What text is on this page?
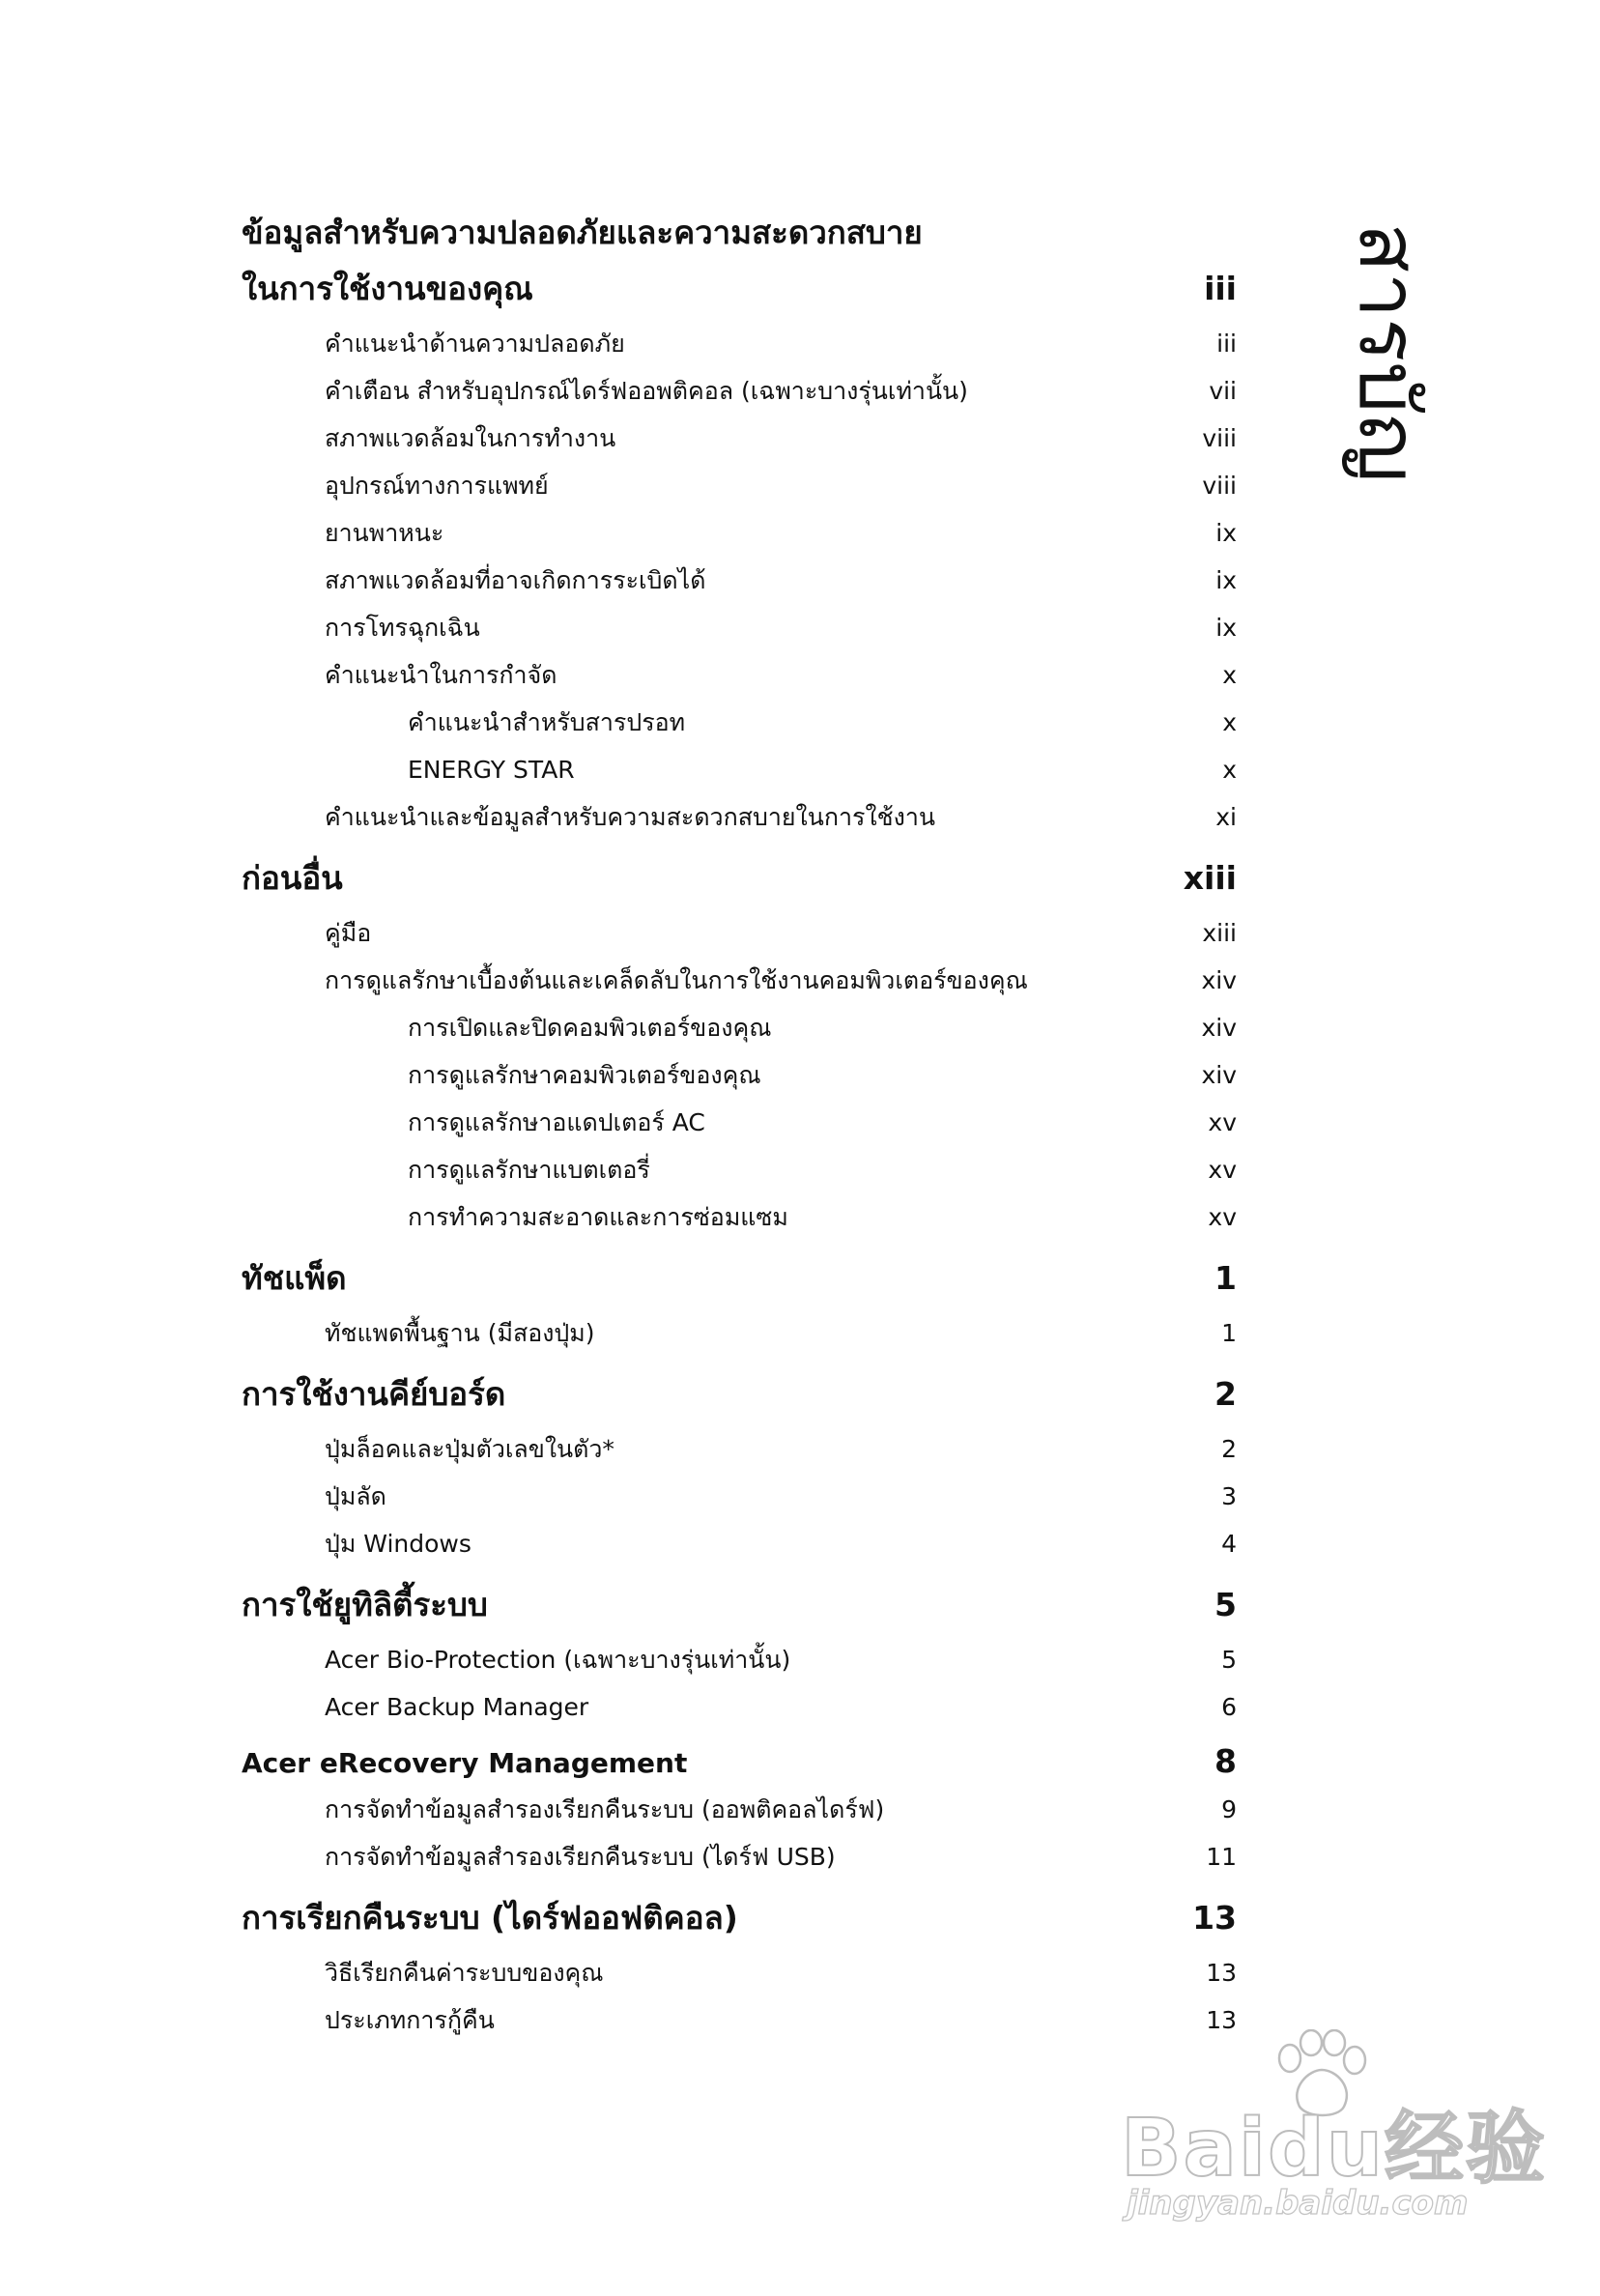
ข้อมูลสำหรับความปลอดภัยและความสะดวกสบาย
ในการใช้งานของคุณ	iii
คำแนะนำด้านความปลอดภัย	iii
คำเตือน สำหรับอุปกรณ์ไดร์ฟออพติคอล (เฉพาะบางรุ่นเท่านั้น)	vii
สภาพแวดล้อมในการทำงาน	viii
อุปกรณ์ทางการแพทย์	viii
ยานพาหนะ	ix
สภาพแวดล้อมที่อาจเกิดการระเบิดได้	ix
การโทรฉุกเฉิน	ix
คำแนะนำในการกำจัด	x
คำแนะนำสำหรับสารปรอท	x
ENERGY STAR	x
คำแนะนำและข้อมูลสำหรับความสะดวกสบายในการใช้งาน	xi
ก่อนอื่น	xiii
คู่มือ	xiii
การดูแลรักษาเบื้องต้นและเคล็ดลับในการใช้งานคอมพิวเตอร์ของคุณ	xiv
การเปิดและปิดคอมพิวเตอร์ของคุณ	xiv
การดูแลรักษาคอมพิวเตอร์ของคุณ	xiv
การดูแลรักษาอแดปเตอร์ AC	xv
การดูแลรักษาแบตเตอรี่	xv
การทำความสะอาดและการซ่อมแซม	xv
ทัชแพ็ด	1
ทัชแพดพื้นฐาน (มีสองปุ่ม)	1
การใช้งานคีย์บอร์ด	2
ปุ่มล็อคและปุ่มตัวเลขในตัว*	2
ปุ่มลัด	3
ปุ่ม Windows	4
การใช้ยูทิลิตี้ระบบ	5
Acer Bio-Protection (เฉพาะบางรุ่นเท่านั้น)	5
Acer Backup Manager	6
Acer eRecovery Management	8
การจัดทำข้อมูลสำรองเรียกคืนระบบ (ออพติคอลไดร์ฟ)	9
การจัดทำข้อมูลสำรองเรียกคืนระบบ (ไดร์ฟ USB)	11
การเรียกคืนระบบ (ไดร์ฟออฟติคอล)	13
วิธีเรียกคืนค่าระบบของคุณ	13
ประเภทการกู้คืน	13
สารบัญ
Baidu经验
jingyan.baidu.com
